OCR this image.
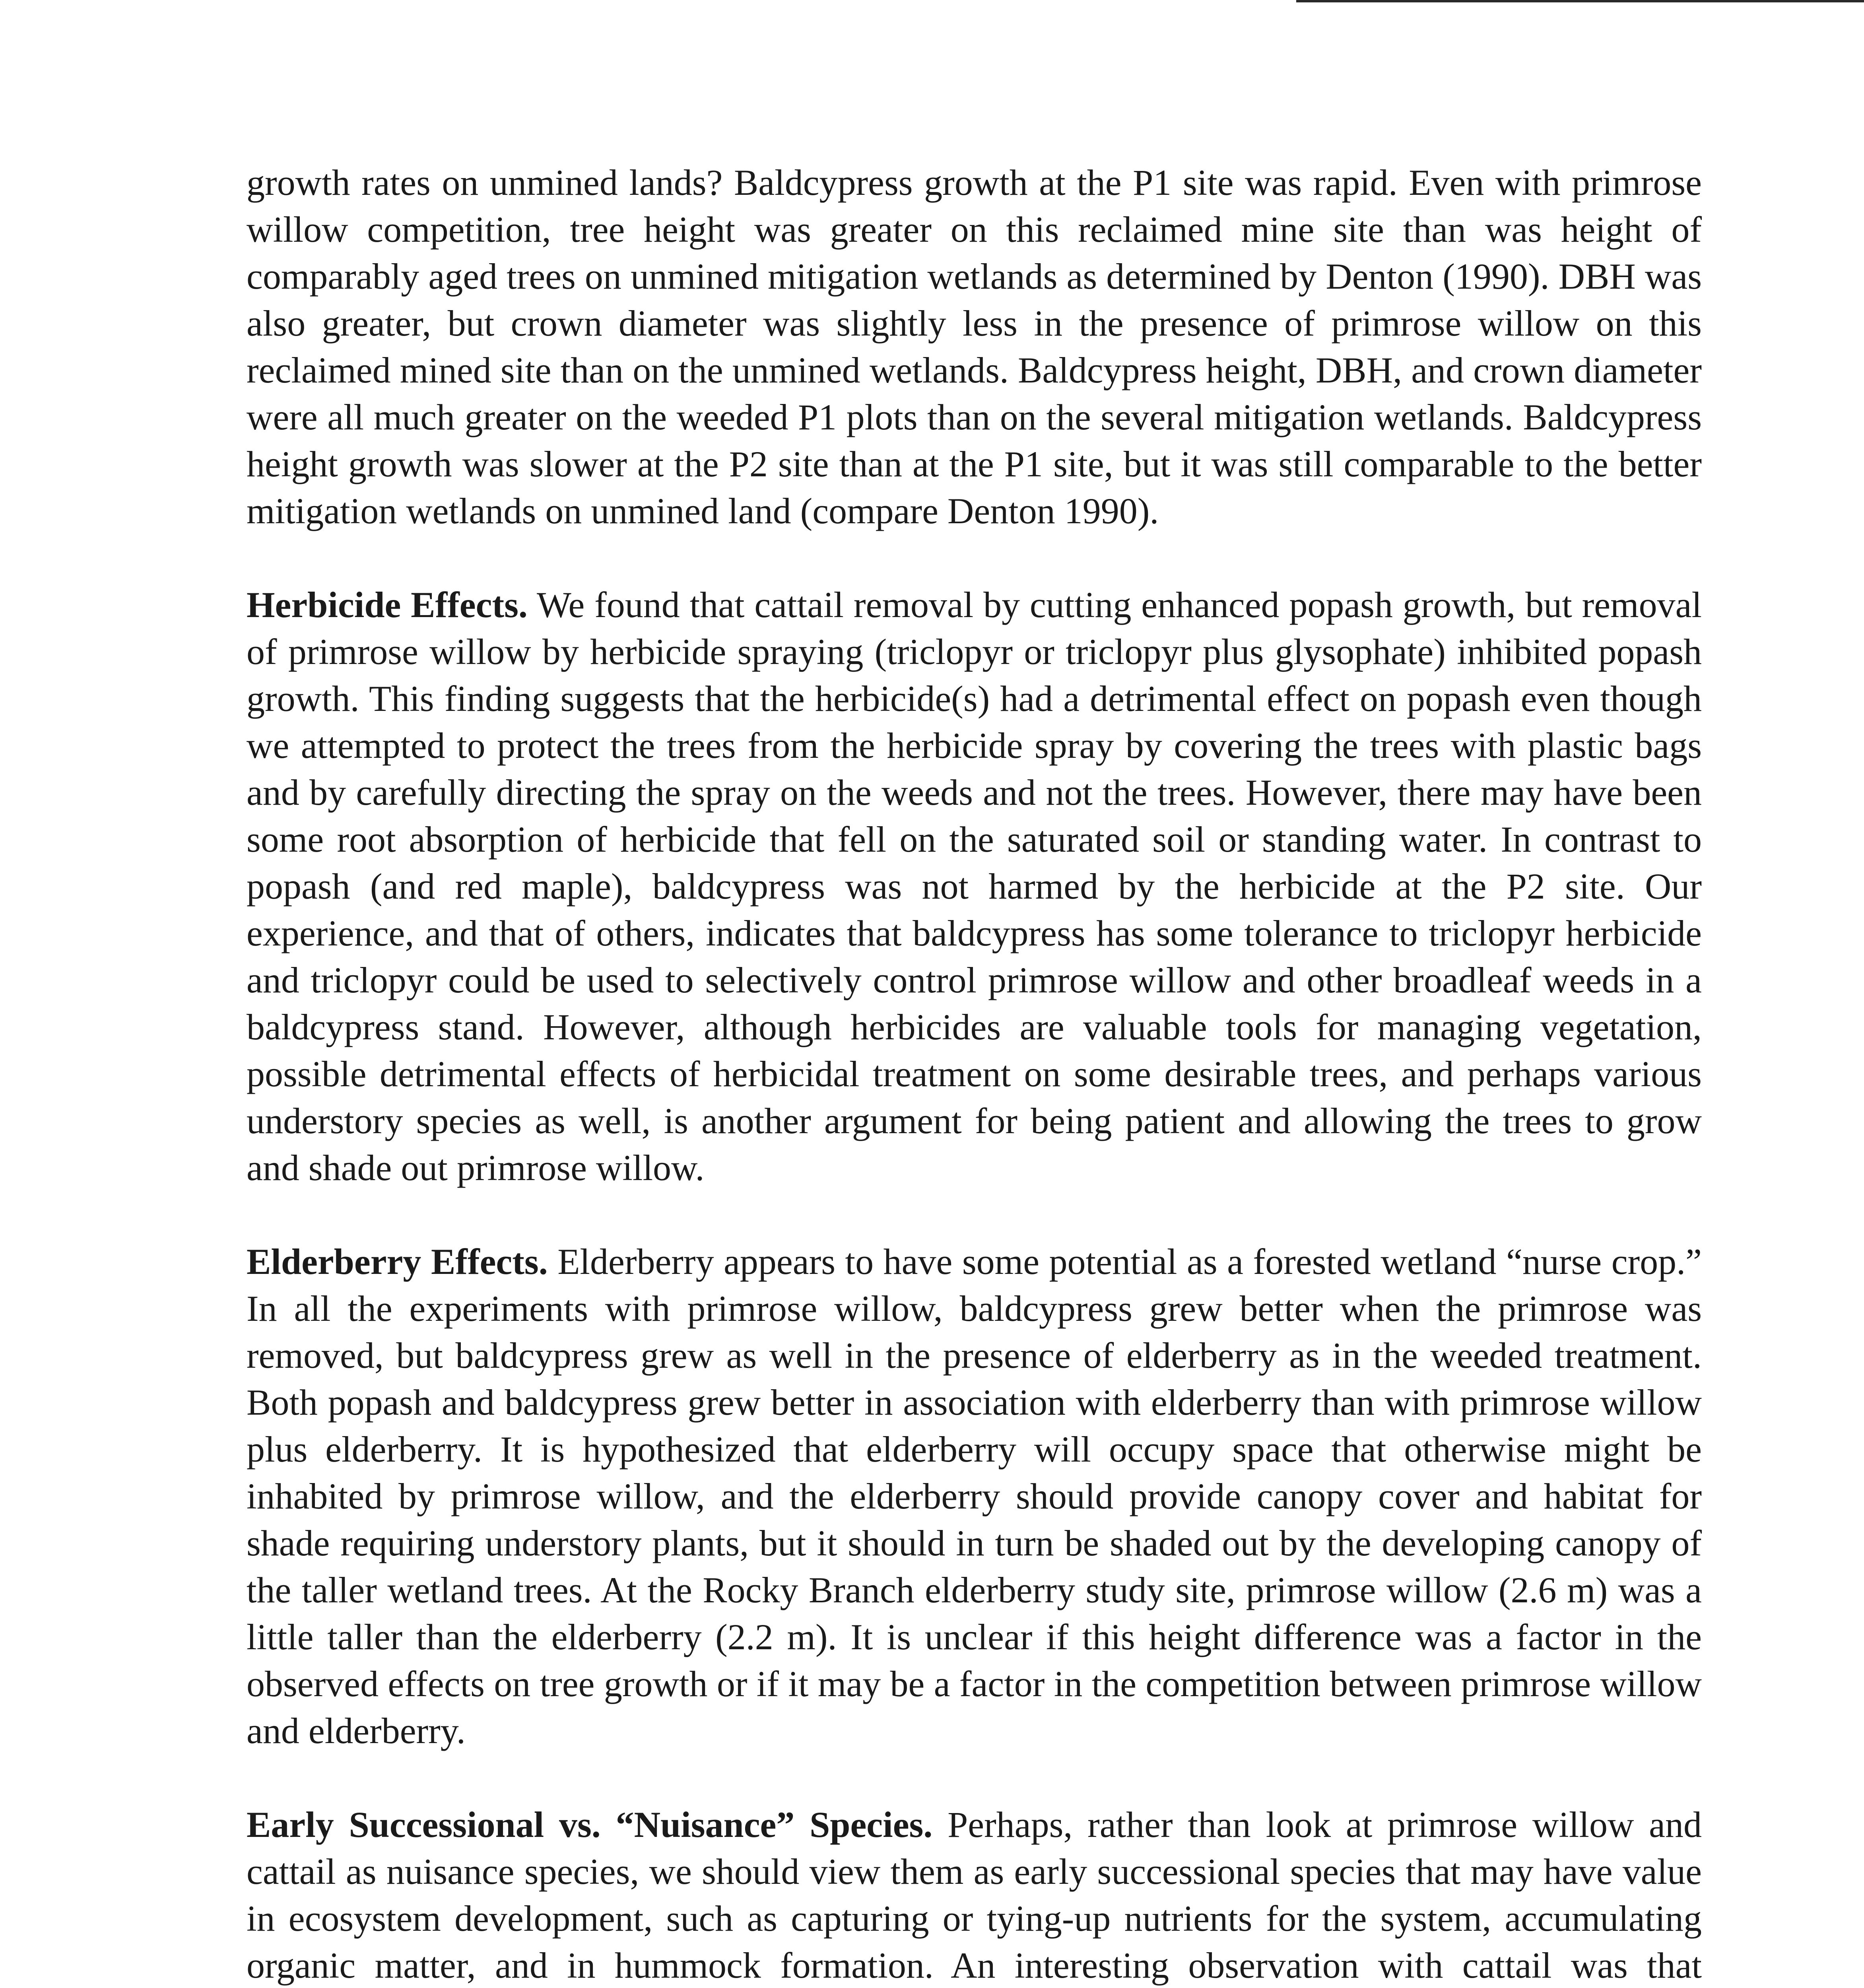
growth rates on unmined lands? Baldcypress growth at the P1 site was rapid. Even with primrose willow competition, tree height was greater on this reclaimed mine site than was height of comparably aged trees on unmined mitigation wetlands as determined by Denton (1990). DBH was also greater, but crown diameter was slightly less in the presence of primrose willow on this reclaimed mined site than on the unmined wetlands. Baldcypress height, DBH, and crown diameter were all much greater on the weeded P1 plots than on the several mitigation wetlands. Baldcypress height growth was slower at the P2 site than at the P1 site, but it was still comparable to the better mitigation wetlands on unmined land (compare Denton 1990).

Herbicide Effects. We found that cattail removal by cutting enhanced popash growth, but removal of primrose willow by herbicide spraying (triclopyr or triclopyr plus glysophate) inhibited popash growth. This finding suggests that the herbicide(s) had a detrimental effect on popash even though we attempted to protect the trees from the herbicide spray by covering the trees with plastic bags and by carefully directing the spray on the weeds and not the trees. However, there may have been some root absorption of herbicide that fell on the saturated soil or standing water. In contrast to popash (and red maple), baldcypress was not harmed by the herbicide at the P2 site. Our experience, and that of others, indicates that baldcypress has some tolerance to triclopyr herbicide and triclopyr could be used to selectively control primrose willow and other broadleaf weeds in a baldcypress stand. However, although herbicides are valuable tools for managing vegetation, possible detrimental effects of herbicidal treatment on some desirable trees, and perhaps various understory species as well, is another argument for being patient and allowing the trees to grow and shade out primrose willow.

Elderberry Effects. Elderberry appears to have some potential as a forested wetland “nurse crop.” In all the experiments with primrose willow, baldcypress grew better when the primrose was removed, but baldcypress grew as well in the presence of elderberry as in the weeded treatment. Both popash and baldcypress grew better in association with elderberry than with primrose willow plus elderberry. It is hypothesized that elderberry will occupy space that otherwise might be inhabited by primrose willow, and the elderberry should provide canopy cover and habitat for shade requiring understory plants, but it should in turn be shaded out by the developing canopy of the taller wetland trees. At the Rocky Branch elderberry study site, primrose willow (2.6 m) was a little taller than the elderberry (2.2 m). It is unclear if this height difference was a factor in the observed effects on tree growth or if it may be a factor in the competition between primrose willow and elderberry.

Early Successional vs. “Nuisance” Species. Perhaps, rather than look at primrose willow and cattail as nuisance species, we should view them as early successional species that may have value in ecosystem development, such as capturing or tying-up nutrients for the system, accumulating organic matter, and in hummock formation. An interesting observation with cattail was that
